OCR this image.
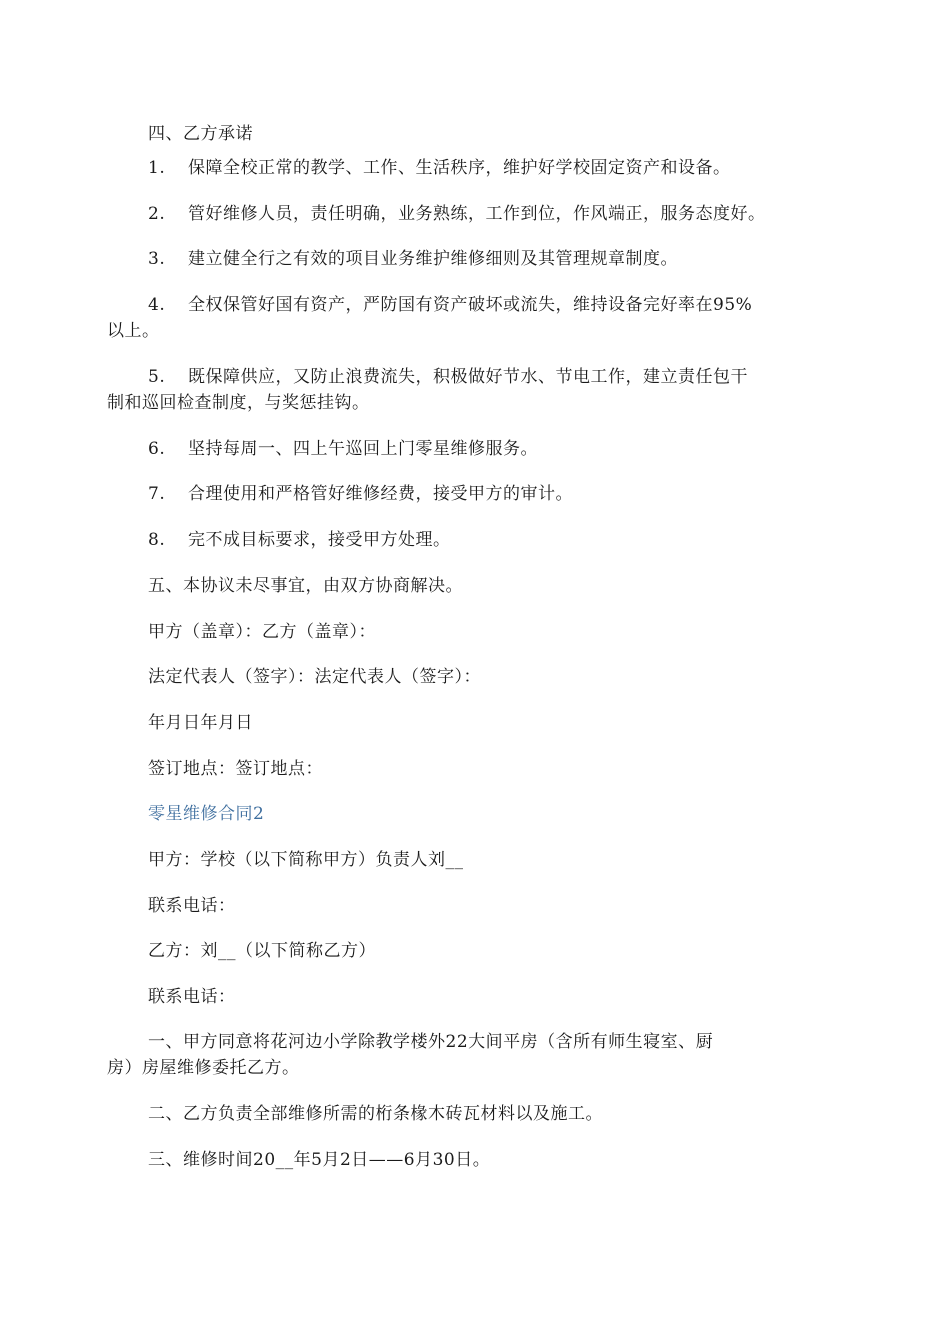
四、乙方承诺
1. 保障全校正常的教学、工作、生活秩序，维护好学校固定资产和设备。
2. 管好维修人员，责任明确，业务熟练，工作到位，作风端正，服务态度好。
3. 建立健全行之有效的项目业务维护维修细则及其管理规章制度。
4. 全权保管好国有资产，严防国有资产破坏或流失，维持设备完好率在95%
以上。
5. 既保障供应，又防止浪费流失，积极做好节水、节电工作，建立责任包干
制和巡回检查制度，与奖惩挂钩。
6. 坚持每周一、四上午巡回上门零星维修服务。
7. 合理使用和严格管好维修经费，接受甲方的审计。
8. 完不成目标要求，接受甲方处理。
五、本协议未尽事宜，由双方协商解决。
甲方（盖章）：乙方（盖章）：
法定代表人（签字）：法定代表人（签字）：
年月日年月日
签订地点：签订地点：
零星维修合同2
甲方：学校（以下简称甲方）负责人刘__
联系电话：
乙方：刘__（以下简称乙方）
联系电话：
一、甲方同意将花河边小学除教学楼外22大间平房（含所有师生寝室、厨
房）房屋维修委托乙方。
二、乙方负责全部维修所需的桁条椽木砖瓦材料以及施工。
三、维修时间20__年5月2日——6月30日。
